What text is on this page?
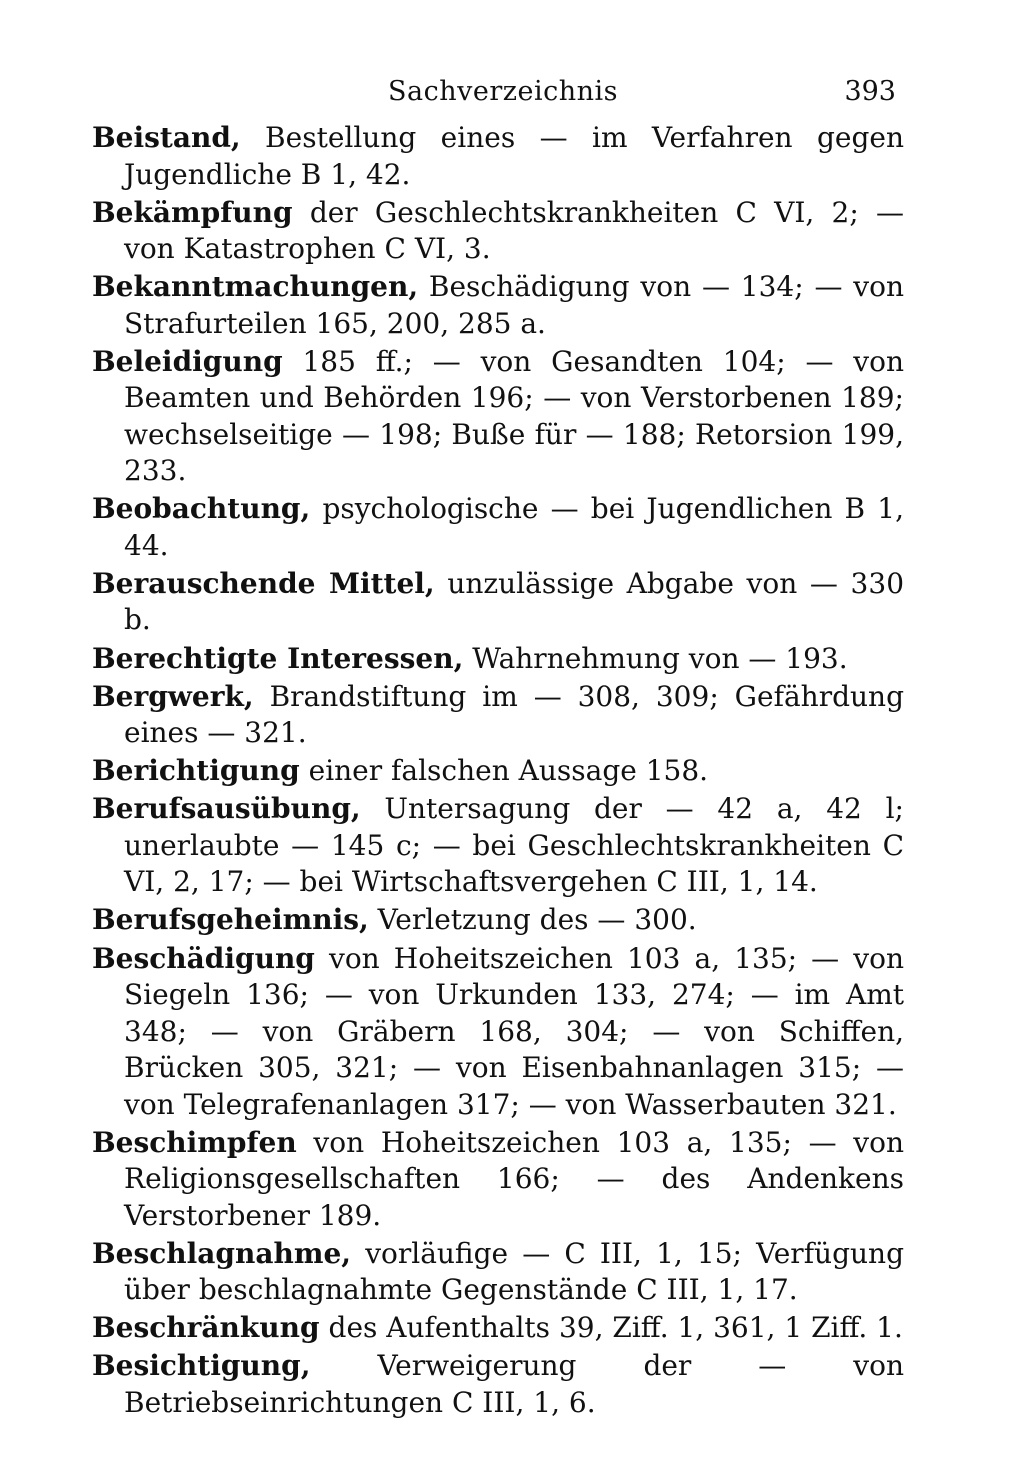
Sachverzeichnis	393

Beistand, Bestellung eines — im Verfahren gegen Jugendliche B 1, 42.

Bekämpfung der Geschlechtskrankheiten C VI, 2; — von Katastrophen C VI, 3.

Bekanntmachungen, Beschädigung von — 134; — von Strafurteilen 165, 200, 285 a.

Beleidigung 185 ff.; — von Gesandten 104; — von Beamten und Behörden 196; — von Verstorbenen 189; wechselseitige — 198; Buße für — 188; Retorsion 199, 233.

Beobachtung, psychologische — bei Jugendlichen B 1, 44.

Berauschende Mittel, unzulässige Abgabe von — 330 b.

Berechtigte Interessen, Wahrnehmung von — 193.

Bergwerk, Brandstiftung im — 308, 309; Gefährdung eines — 321.

Berichtigung einer falschen Aussage 158.

Berufsausübung, Untersagung der — 42 a, 42 l; unerlaubte — 145 c; — bei Geschlechtskrankheiten C VI, 2, 17; — bei Wirtschaftsvergehen C III, 1, 14.

Berufsgeheimnis, Verletzung des — 300.

Beschädigung von Hoheitszeichen 103 a, 135; — von Siegeln 136; — von Urkunden 133, 274; — im Amt 348; — von Gräbern 168, 304; — von Schiffen, Brücken 305, 321; — von Eisenbahnanlagen 315; — von Telegrafenanlagen 317; — von Wasserbauten 321.

Beschimpfen von Hoheitszeichen 103 a, 135; — von Religionsgesellschaften 166; — des Andenkens Verstorbener 189.

Beschlagnahme, vorläufige — C III, 1, 15; Verfügung über beschlagnahmte Gegenstände C III, 1, 17.

Beschränkung des Aufenthalts 39, Ziff. 1, 361, 1 Ziff. 1.

Besichtigung, Verweigerung der — von Betriebseinrichtungen C III, 1, 6.
